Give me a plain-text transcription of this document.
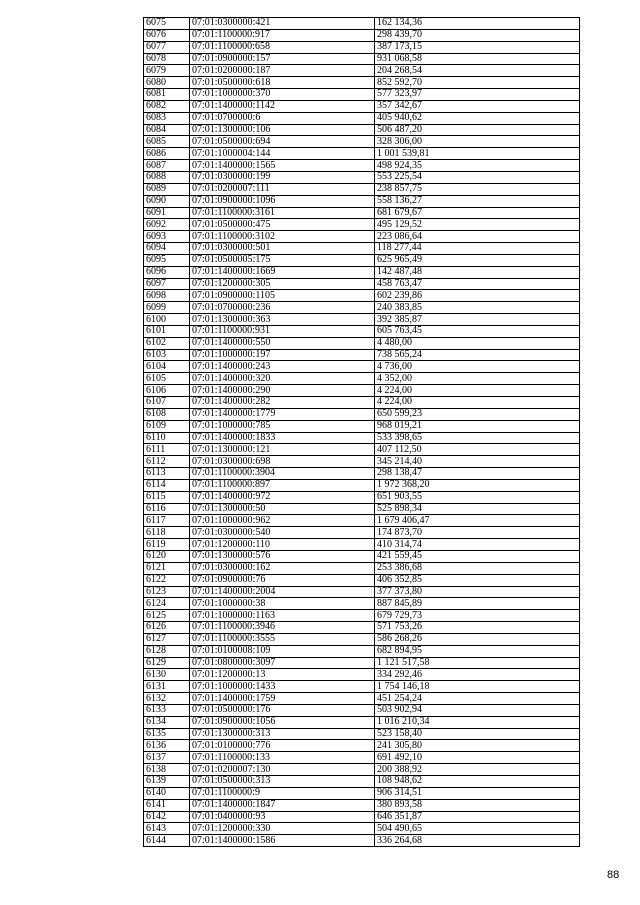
6075	07:01:0300000:421	162 134,36
6076	07:01:1100000:917	298 439,70
6077	07:01:1100000:658	387 173,15
6078	07:01:0900000:157	931 068,58
6079	07:01:0200000:187	204 268,54
6080	07:01:0500000:618	852 592,70
6081	07:01:1000000:370	577 323,97
6082	07:01:1400000:1142	357 342,67
6083	07:01:0700000:6	405 940,62
6084	07:01:1300000:106	506 487,20
6085	07:01:0500000:694	328 306,00
6086	07:01:1000004:144	1 001 539,81
6087	07:01:1400000:1565	498 924,35
6088	07:01:0300000:199	553 225,54
6089	07:01:0200007:111	238 857,75
6090	07:01:0900000:1096	558 136,27
6091	07:01:1100000:3161	681 679,67
6092	07:01:0500000:475	495 129,52
6093	07:01:1100000:3102	223 086,64
6094	07:01:0300000:501	118 277,44
6095	07:01:0500005:175	625 965,49
6096	07:01:1400000:1669	142 487,48
6097	07:01:1200000:305	458 763,47
6098	07:01:0900000:1105	602 239,86
6099	07:01:0700000:236	240 383,85
6100	07:01:1300000:363	392 385,87
6101	07:01:1100000:931	605 763,45
6102	07:01:1400000:550	4 480,00
6103	07:01:1000000:197	738 565,24
6104	07:01:1400000:243	4 736,00
6105	07:01:1400000:320	4 352,00
6106	07:01:1400000:290	4 224,00
6107	07:01:1400000:282	4 224,00
6108	07:01:1400000:1779	650 599,23
6109	07:01:1000000:785	968 019,21
6110	07:01:1400000:1833	533 398,65
6111	07:01:1300000:121	407 112,50
6112	07:01:0300000:698	345 214,40
6113	07:01:1100000:3904	298 138,47
6114	07:01:1100000:897	1 972 368,20
6115	07:01:1400000:972	651 903,55
6116	07:01:1300000:50	525 898,34
6117	07:01:1000000:962	1 679 406,47
6118	07:01:0300000:540	174 873,70
6119	07:01:1200000:110	410 314,74
6120	07:01:1300000:576	421 559,45
6121	07:01:0300000:162	253 386,68
6122	07:01:0900000:76	406 352,85
6123	07:01:1400000:2004	377 373,80
6124	07:01:1000000:38	887 845,89
6125	07:01:1000000:1163	679 729,73
6126	07:01:1100000:3946	571 753,26
6127	07:01:1100000:3555	586 268,26
6128	07:01:0100008:109	682 894,95
6129	07:01:0800000:3097	1 121 517,58
6130	07:01:1200000:13	334 292,46
6131	07:01:1000000:1433	1 754 146,18
6132	07:01:1400000:1759	451 254,24
6133	07:01:0500000:176	503 902,94
6134	07:01:0900000:1056	1 016 210,34
6135	07:01:1300000:313	523 158,40
6136	07:01:0100000:776	241 305,80
6137	07:01:1100000:133	691 492,10
6138	07:01:0200007:130	200 388,92
6139	07:01:0500000:313	108 948,62
6140	07:01:1100000:9	906 314,51
6141	07:01:1400000:1847	380 893,58
6142	07:01:0400000:93	646 351,87
6143	07:01:1200000:330	504 490,65
6144	07:01:1400000:1586	336 264,68
88
